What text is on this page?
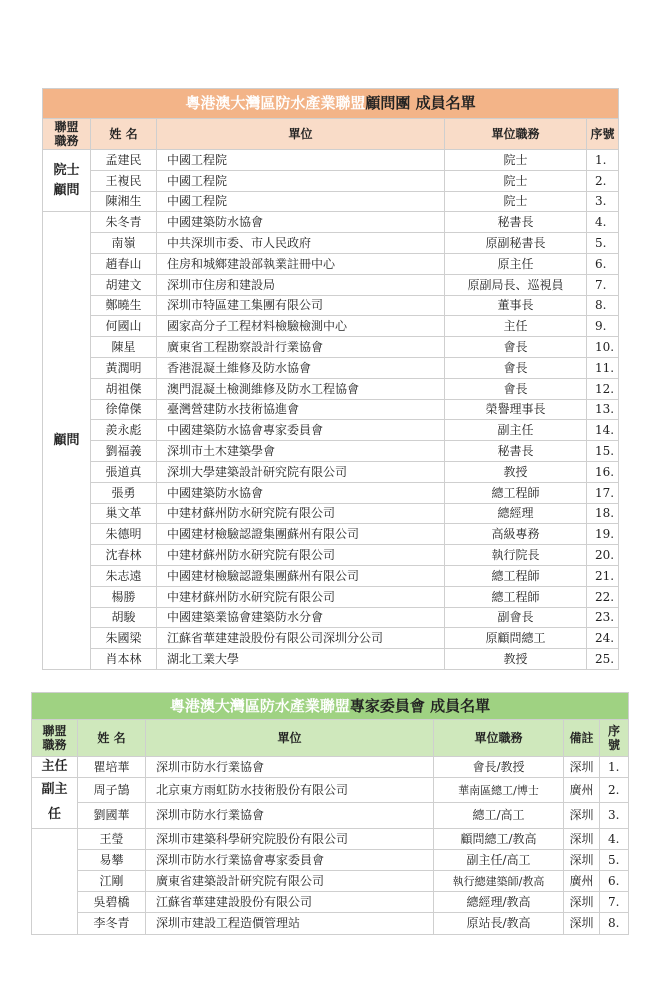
粵港澳大灣區防水產業聯盟顧問團 成員名單				
聯盟職務	姓 名	單位	單位職務	序號
院士顧問	孟建民	中國工程院	院士	1.
	王複民	中國工程院	院士	2.
	陳湘生	中國工程院	院士	3.
顧問	朱冬青	中國建築防水協會	秘書長	4.
	南嶺	中共深圳市委、市人民政府	原副秘書長	5.
	趙春山	住房和城鄉建設部執業註冊中心	原主任	6.
	胡建文	深圳市住房和建設局	原副局長、巡視員	7.
	鄭曉生	深圳市特區建工集團有限公司	董事長	8.
	何國山	國家高分子工程材料檢驗檢測中心	主任	9.
	陳星	廣東省工程勘察設計行業協會	會長	10.
	黃潤明	香港混凝土維修及防水協會	會長	11.
	胡祖傑	澳門混凝土檢測維修及防水工程協會	會長	12.
	徐偉傑	臺灣營建防水技術協進會	榮譽理事長	13.
	羨永彪	中國建築防水協會專家委員會	副主任	14.
	劉福義	深圳市土木建築學會	秘書長	15.
	張道真	深圳大學建築設計研究院有限公司	教授	16.
	張勇	中國建築防水協會	總工程師	17.
	巢文革	中建材蘇州防水研究院有限公司	總經理	18.
	朱德明	中國建材檢驗認證集團蘇州有限公司	高級專務	19.
	沈春林	中建材蘇州防水研究院有限公司	執行院長	20.
	朱志遠	中國建材檢驗認證集團蘇州有限公司	總工程師	21.
	楊勝	中建材蘇州防水研究院有限公司	總工程師	22.
	胡駿	中國建築業協會建築防水分會	副會長	23.
	朱國梁	江蘇省華建建設股份有限公司深圳分公司	原顧問總工	24.
	肖本林	湖北工業大學	教授	25.
粵港澳大灣區防水產業聯盟專家委員會 成員名單					
聯盟職務	姓 名	單位	單位職務	備註	序號
主任	瞿培華	深圳市防水行業協會	會長/教授	深圳	1.
副主任	周子鵠	北京東方雨虹防水技術股份有限公司	華南區總工/博士	廣州	2.
	劉國華	深圳市防水行業協會	總工/高工	深圳	3.
	王瑩	深圳市建築科學研究院股份有限公司	顧問總工/教高	深圳	4.
	易攀	深圳市防水行業協會專家委員會	副主任/高工	深圳	5.
	江剛	廣東省建築設計研究院有限公司	執行總建築師/教高	廣州	6.
	吳碧橋	江蘇省華建建設股份有限公司	總經理/教高	深圳	7.
	李冬青	深圳市建設工程造價管理站	原站長/教高	深圳	8.
